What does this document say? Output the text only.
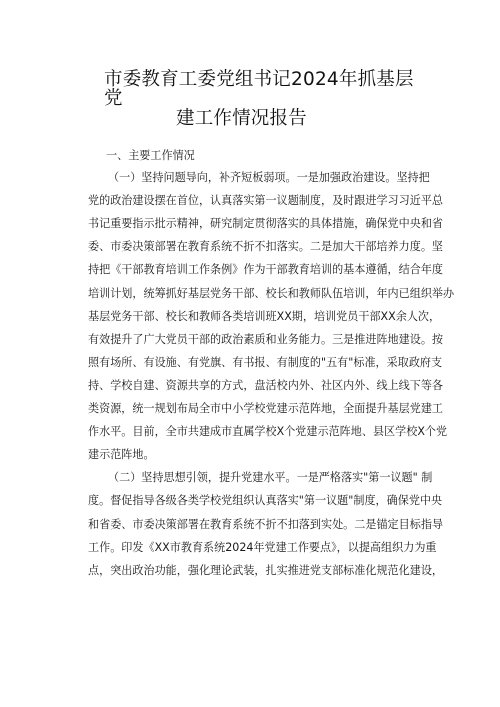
市委教育工委党组书记2024年抓基层党
建工作情况报告
一、主要工作情况
（一）坚持问题导向，补齐短板弱项。一是加强政治建设。坚持把
党的政治建设摆在首位，认真落实第一议题制度，及时跟进学习习近平总
书记重要指示批示精神，研究制定贯彻落实的具体措施，确保党中央和省
委、市委决策部署在教育系统不折不扣落实。二是加大干部培养力度。坚
持把《干部教育培训工作条例》作为干部教育培训的基本遵循，结合年度
培训计划，统筹抓好基层党务干部、校长和教师队伍培训，年内已组织举办
基层党务干部、校长和教师各类培训班XX期，培训党员干部XX余人次，
有效提升了广大党员干部的政治素质和业务能力。三是推进阵地建设。按
照有场所、有设施、有党旗、有书报、有制度的"五有"标准，采取政府支
持、学校自建、资源共享的方式，盘活校内外、社区内外、线上线下等各
类资源，统一规划布局全市中小学校党建示范阵地，全面提升基层党建工
作水平。目前，全市共建成市直属学校X个党建示范阵地、县区学校X个党
建示范阵地。
（二）坚持思想引领，提升党建水平。一是严格落实"第一议题" 制
度。督促指导各级各类学校党组织认真落实"第一议题"制度，确保党中央
和省委、市委决策部署在教育系统不折不扣落到实处。二是锚定目标指导
工作。印发《XX市教育系统2024年党建工作要点》，以提高组织力为重
点，突出政治功能，强化理论武装，扎实推进党支部标准化规范化建设，
